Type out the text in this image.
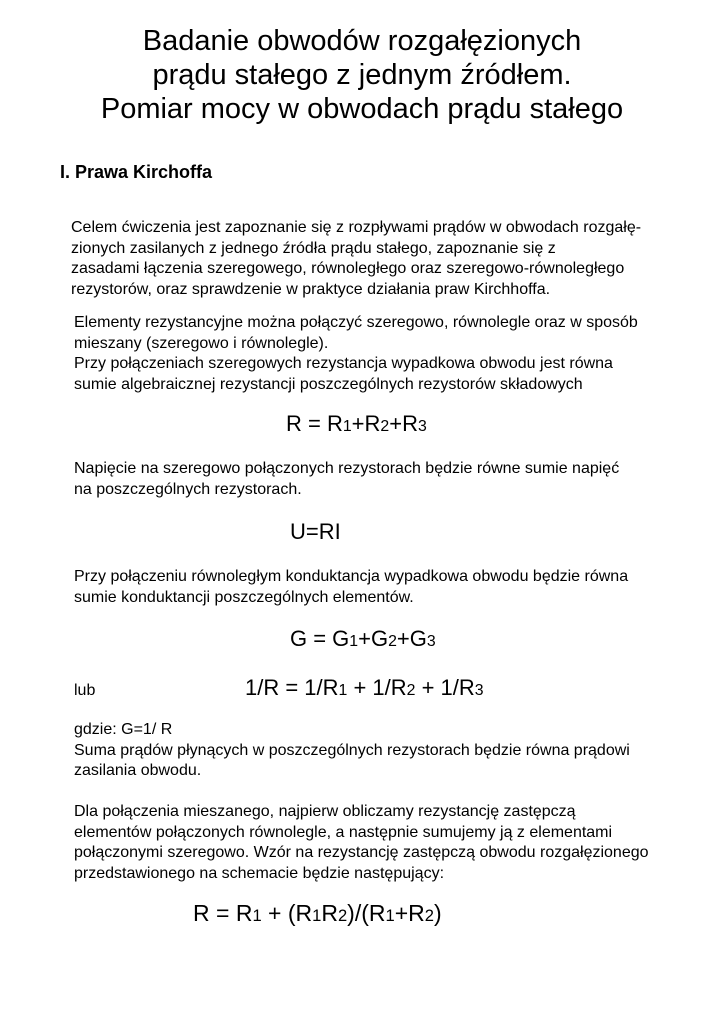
Badanie obwodów rozgałęzionych
prądu stałego z jednym źródłem.
Pomiar mocy w obwodach prądu stałego
I. Prawa Kirchoffa
Celem ćwiczenia jest zapoznanie się z rozpływami prądów w obwodach rozgałę-
zionych zasilanych z jednego źródła prądu stałego, zapoznanie się z
zasadami łączenia szeregowego, równoległego oraz szeregowo-równoległego
rezystorów, oraz sprawdzenie w praktyce działania praw Kirchhoffa.
Elementy rezystancyjne można połączyć szeregowo, równolegle oraz w sposób
mieszany (szeregowo i równolegle).
Przy połączeniach szeregowych rezystancja wypadkowa obwodu jest równa
sumie algebraicznej rezystancji poszczególnych rezystorów składowych
R = R1+R2+R3
Napięcie na szeregowo połączonych rezystorach będzie równe sumie napięć
na poszczególnych rezystorach.
U=RI
Przy połączeniu równoległym konduktancja wypadkowa obwodu będzie równa
sumie konduktancji poszczególnych elementów.
G = G1+G2+G3
lub	1/R = 1/R1 + 1/R2 + 1/R3
gdzie: G=1/ R
Suma prądów płynących w poszczególnych rezystorach będzie równa prądowi
zasilania obwodu.
Dla połączenia mieszanego, najpierw obliczamy rezystancję zastępczą
elementów połączonych równolegle, a następnie sumujemy ją z elementami
połączonymi szeregowo. Wzór na rezystancję zastępczą obwodu rozgałęzionego
przedstawionego na schemacie będzie następujący:
R = R1 + (R1R2)/(R1+R2)
